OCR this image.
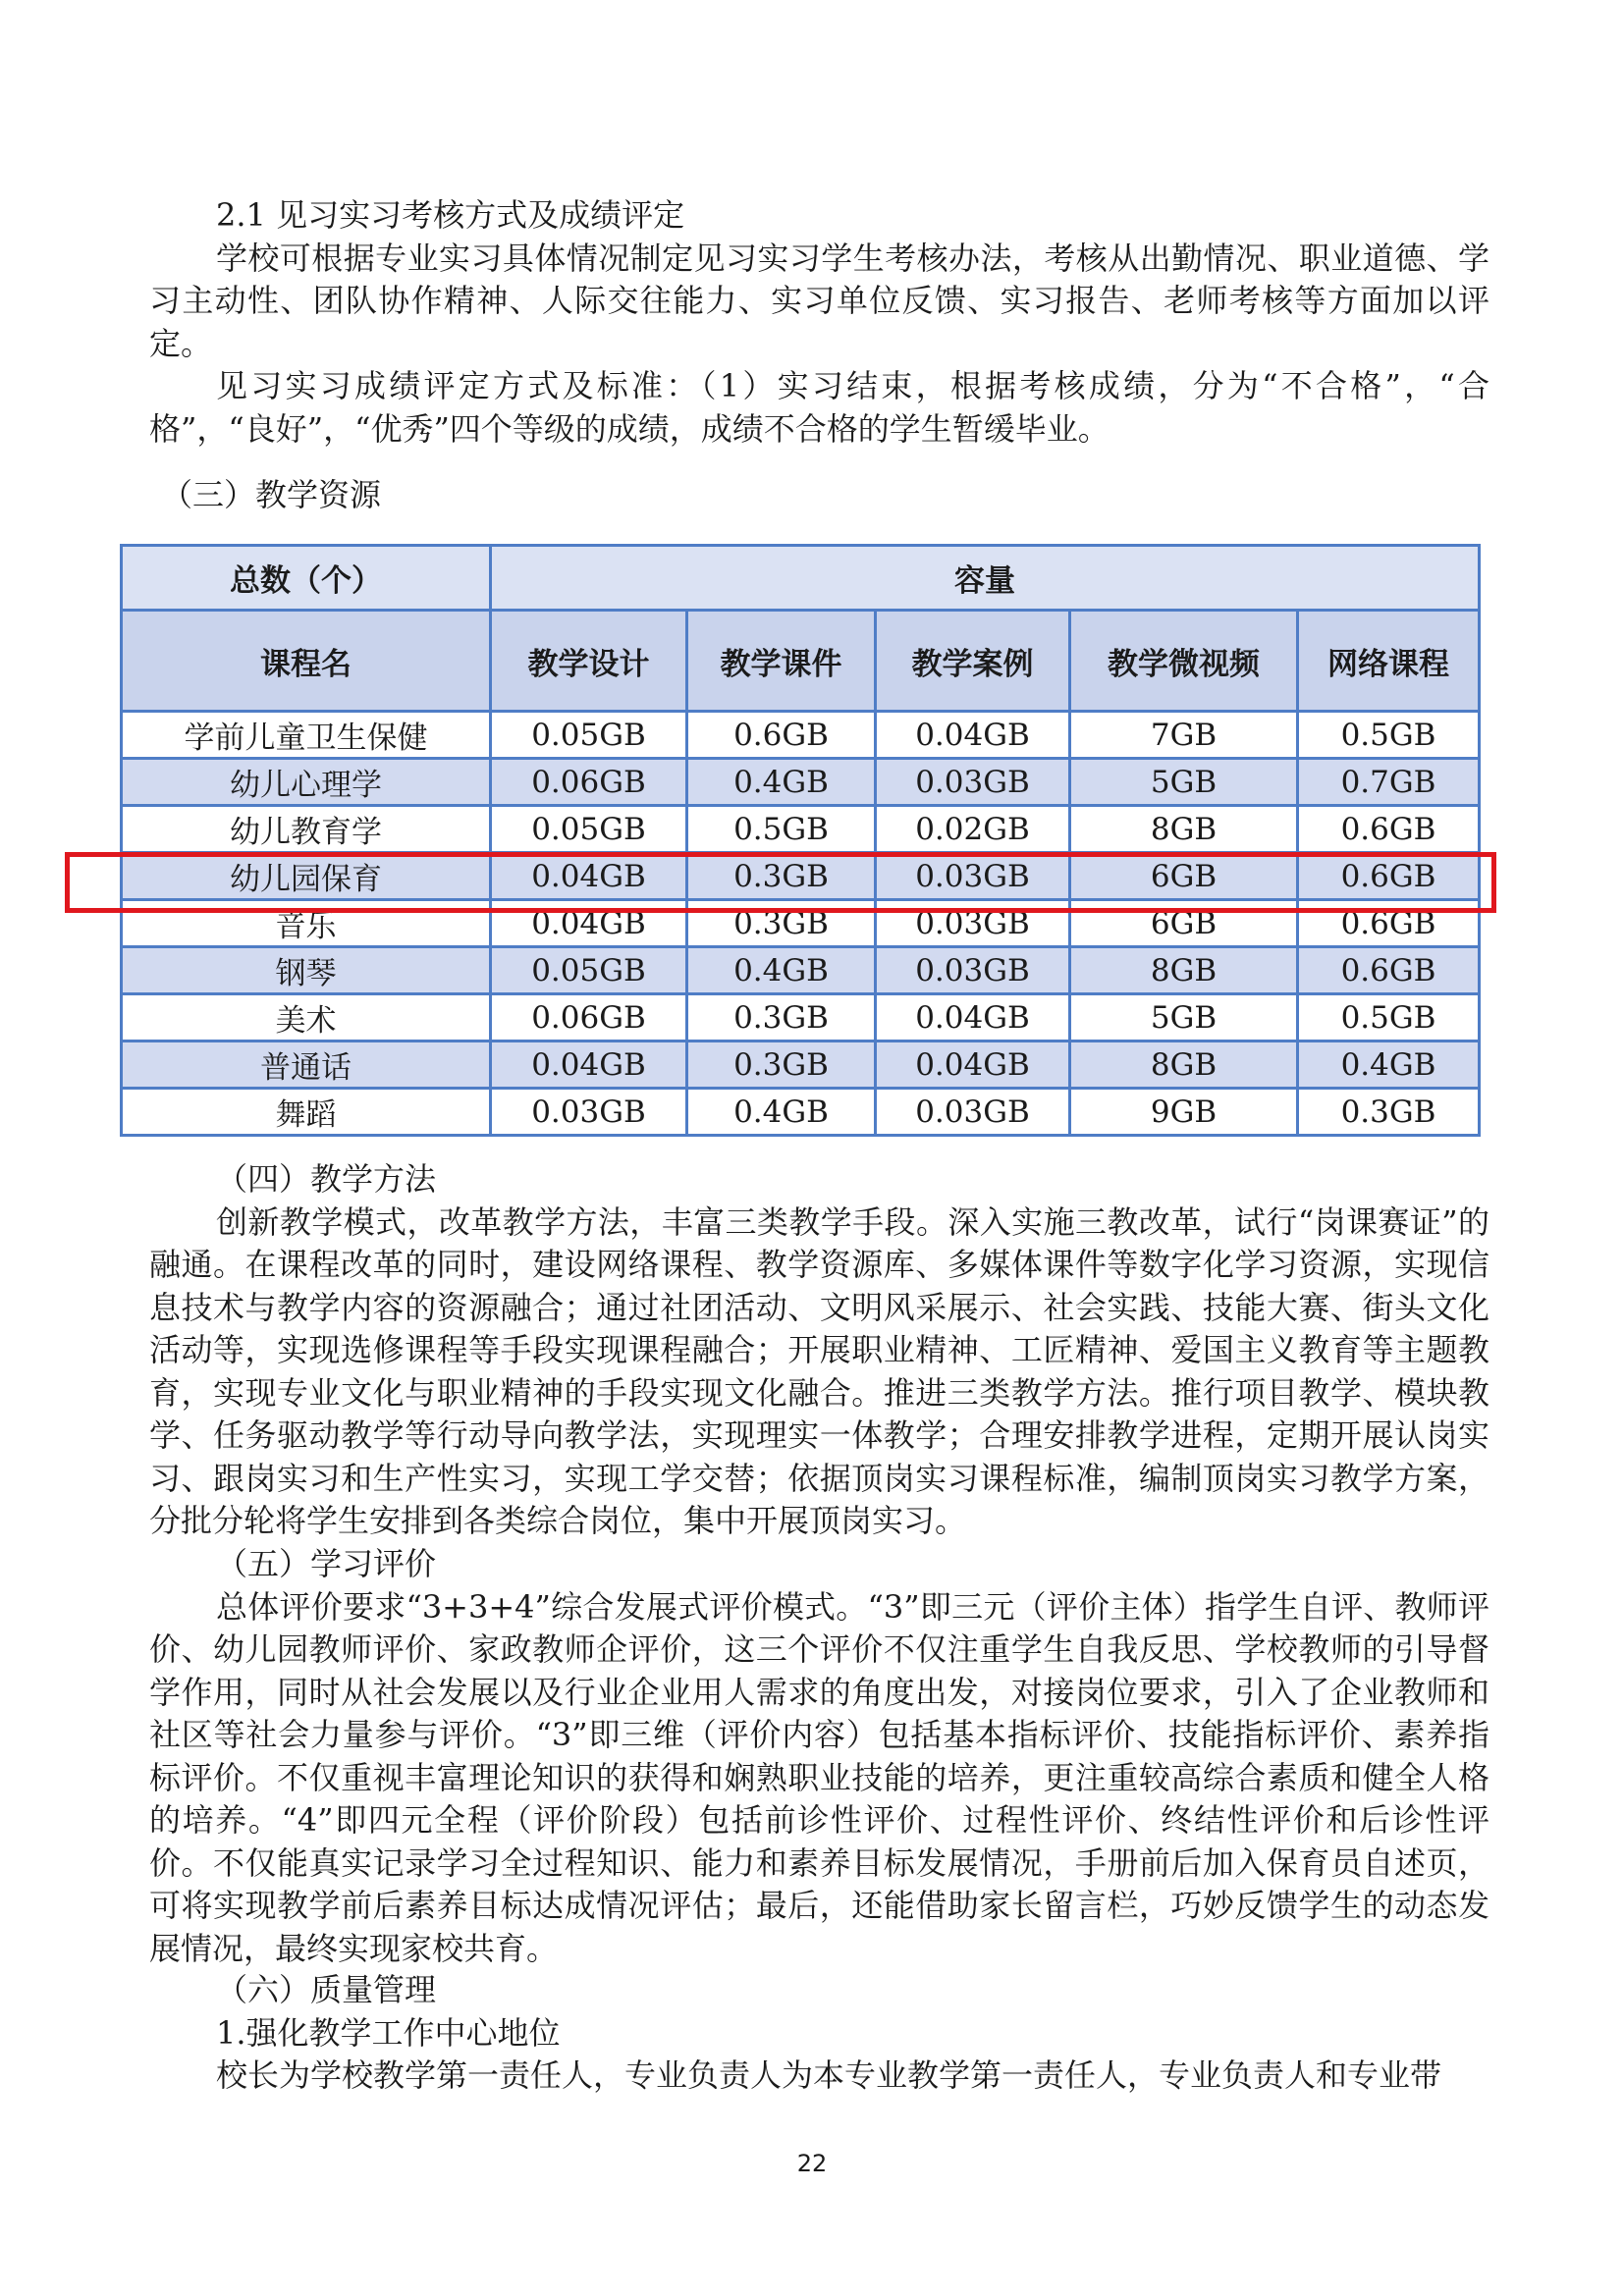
2.1 见习实习考核方式及成绩评定

学校可根据专业实习具体情况制定见习实习学生考核办法，考核从出勤情况、职业道德、学习主动性、团队协作精神、人际交往能力、实习单位反馈、实习报告、老师考核等方面加以评定。

见习实习成绩评定方式及标准：（1）实习结束，根据考核成绩，分为“不合格”，“合格”，“良好”，“优秀”四个等级的成绩，成绩不合格的学生暂缓毕业。

（三）教学资源

总数（个）	容量				
课程名	教学设计	教学课件	教学案例	教学微视频	网络课程
学前儿童卫生保健	0.05GB	0.6GB	0.04GB	7GB	0.5GB
幼儿心理学	0.06GB	0.4GB	0.03GB	5GB	0.7GB
幼儿教育学	0.05GB	0.5GB	0.02GB	8GB	0.6GB
幼儿园保育	0.04GB	0.3GB	0.03GB	6GB	0.6GB
音乐	0.04GB	0.3GB	0.03GB	6GB	0.6GB
钢琴	0.05GB	0.4GB	0.03GB	8GB	0.6GB
美术	0.06GB	0.3GB	0.04GB	5GB	0.5GB
普通话	0.04GB	0.3GB	0.04GB	8GB	0.4GB
舞蹈	0.03GB	0.4GB	0.03GB	9GB	0.3GB

（四）教学方法

创新教学模式，改革教学方法，丰富三类教学手段。深入实施三教改革，试行“岗课赛证”的融通。在课程改革的同时，建设网络课程、教学资源库、多媒体课件等数字化学习资源，实现信息技术与教学内容的资源融合；通过社团活动、文明风采展示、社会实践、技能大赛、街头文化活动等，实现选修课程等手段实现课程融合；开展职业精神、工匠精神、爱国主义教育等主题教育，实现专业文化与职业精神的手段实现文化融合。推进三类教学方法。推行项目教学、模块教学、任务驱动教学等行动导向教学法，实现理实一体教学；合理安排教学进程，定期开展认岗实习、跟岗实习和生产性实习，实现工学交替；依据顶岗实习课程标准，编制顶岗实习教学方案，分批分轮将学生安排到各类综合岗位，集中开展顶岗实习。

（五）学习评价

总体评价要求“3+3+4”综合发展式评价模式。“3”即三元（评价主体）指学生自评、教师评价、幼儿园教师评价、家政教师企评价，这三个评价不仅注重学生自我反思、学校教师的引导督学作用，同时从社会发展以及行业企业用人需求的角度出发，对接岗位要求，引入了企业教师和社区等社会力量参与评价。“3”即三维（评价内容）包括基本指标评价、技能指标评价、素养指标评价。不仅重视丰富理论知识的获得和娴熟职业技能的培养，更注重较高综合素质和健全人格的培养。“4”即四元全程（评价阶段）包括前诊性评价、过程性评价、终结性评价和后诊性评价。不仅能真实记录学习全过程知识、能力和素养目标发展情况，手册前后加入保育员自述页，可将实现教学前后素养目标达成情况评估；最后，还能借助家长留言栏，巧妙反馈学生的动态发展情况，最终实现家校共育。

（六）质量管理

1.强化教学工作中心地位

校长为学校教学第一责任人，专业负责人为本专业教学第一责任人，专业负责人和专业带

22
